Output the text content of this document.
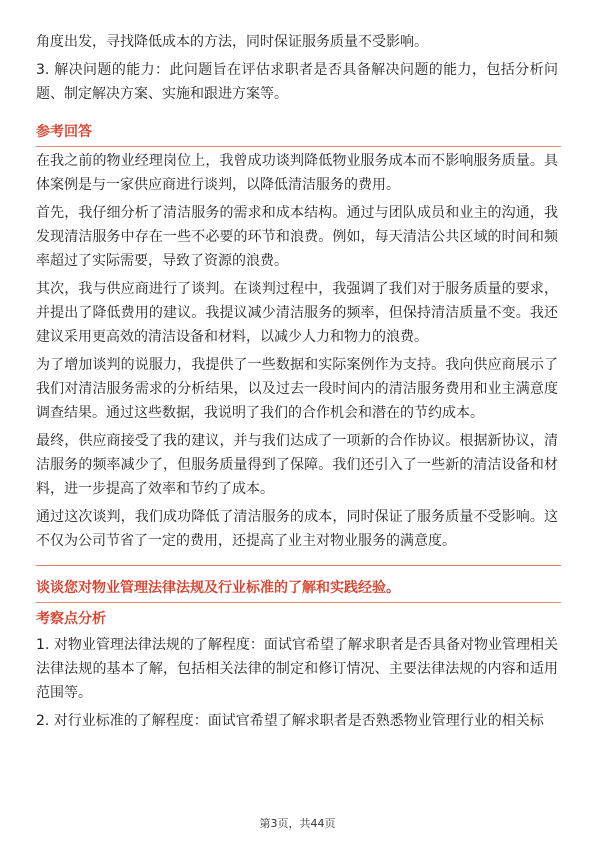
角度出发，寻找降低成本的方法，同时保证服务质量不受影响。

3. 解决问题的能力：此问题旨在评估求职者是否具备解决问题的能力，包括分析问题、制定解决方案、实施和跟进方案等。

参考回答

在我之前的物业经理岗位上，我曾成功谈判降低物业服务成本而不影响服务质量。具体案例是与一家供应商进行谈判，以降低清洁服务的费用。

首先，我仔细分析了清洁服务的需求和成本结构。通过与团队成员和业主的沟通，我发现清洁服务中存在一些不必要的环节和浪费。例如，每天清洁公共区域的时间和频率超过了实际需要，导致了资源的浪费。

其次，我与供应商进行了谈判。在谈判过程中，我强调了我们对于服务质量的要求，并提出了降低费用的建议。我提议减少清洁服务的频率，但保持清洁质量不变。我还建议采用更高效的清洁设备和材料，以减少人力和物力的浪费。

为了增加谈判的说服力，我提供了一些数据和实际案例作为支持。我向供应商展示了我们对清洁服务需求的分析结果，以及过去一段时间内的清洁服务费用和业主满意度调查结果。通过这些数据，我说明了我们的合作机会和潜在的节约成本。

最终，供应商接受了我的建议，并与我们达成了一项新的合作协议。根据新协议，清洁服务的频率减少了，但服务质量得到了保障。我们还引入了一些新的清洁设备和材料，进一步提高了效率和节约了成本。

通过这次谈判，我们成功降低了清洁服务的成本，同时保证了服务质量不受影响。这不仅为公司节省了一定的费用，还提高了业主对物业服务的满意度。

谈谈您对物业管理法律法规及行业标准的了解和实践经验。
考察点分析

1. 对物业管理法律法规的了解程度：面试官希望了解求职者是否具备对物业管理相关法律法规的基本了解，包括相关法律的制定和修订情况、主要法律法规的内容和适用范围等。

2. 对行业标准的了解程度：面试官希望了解求职者是否熟悉物业管理行业的相关标

第3页，共44页
